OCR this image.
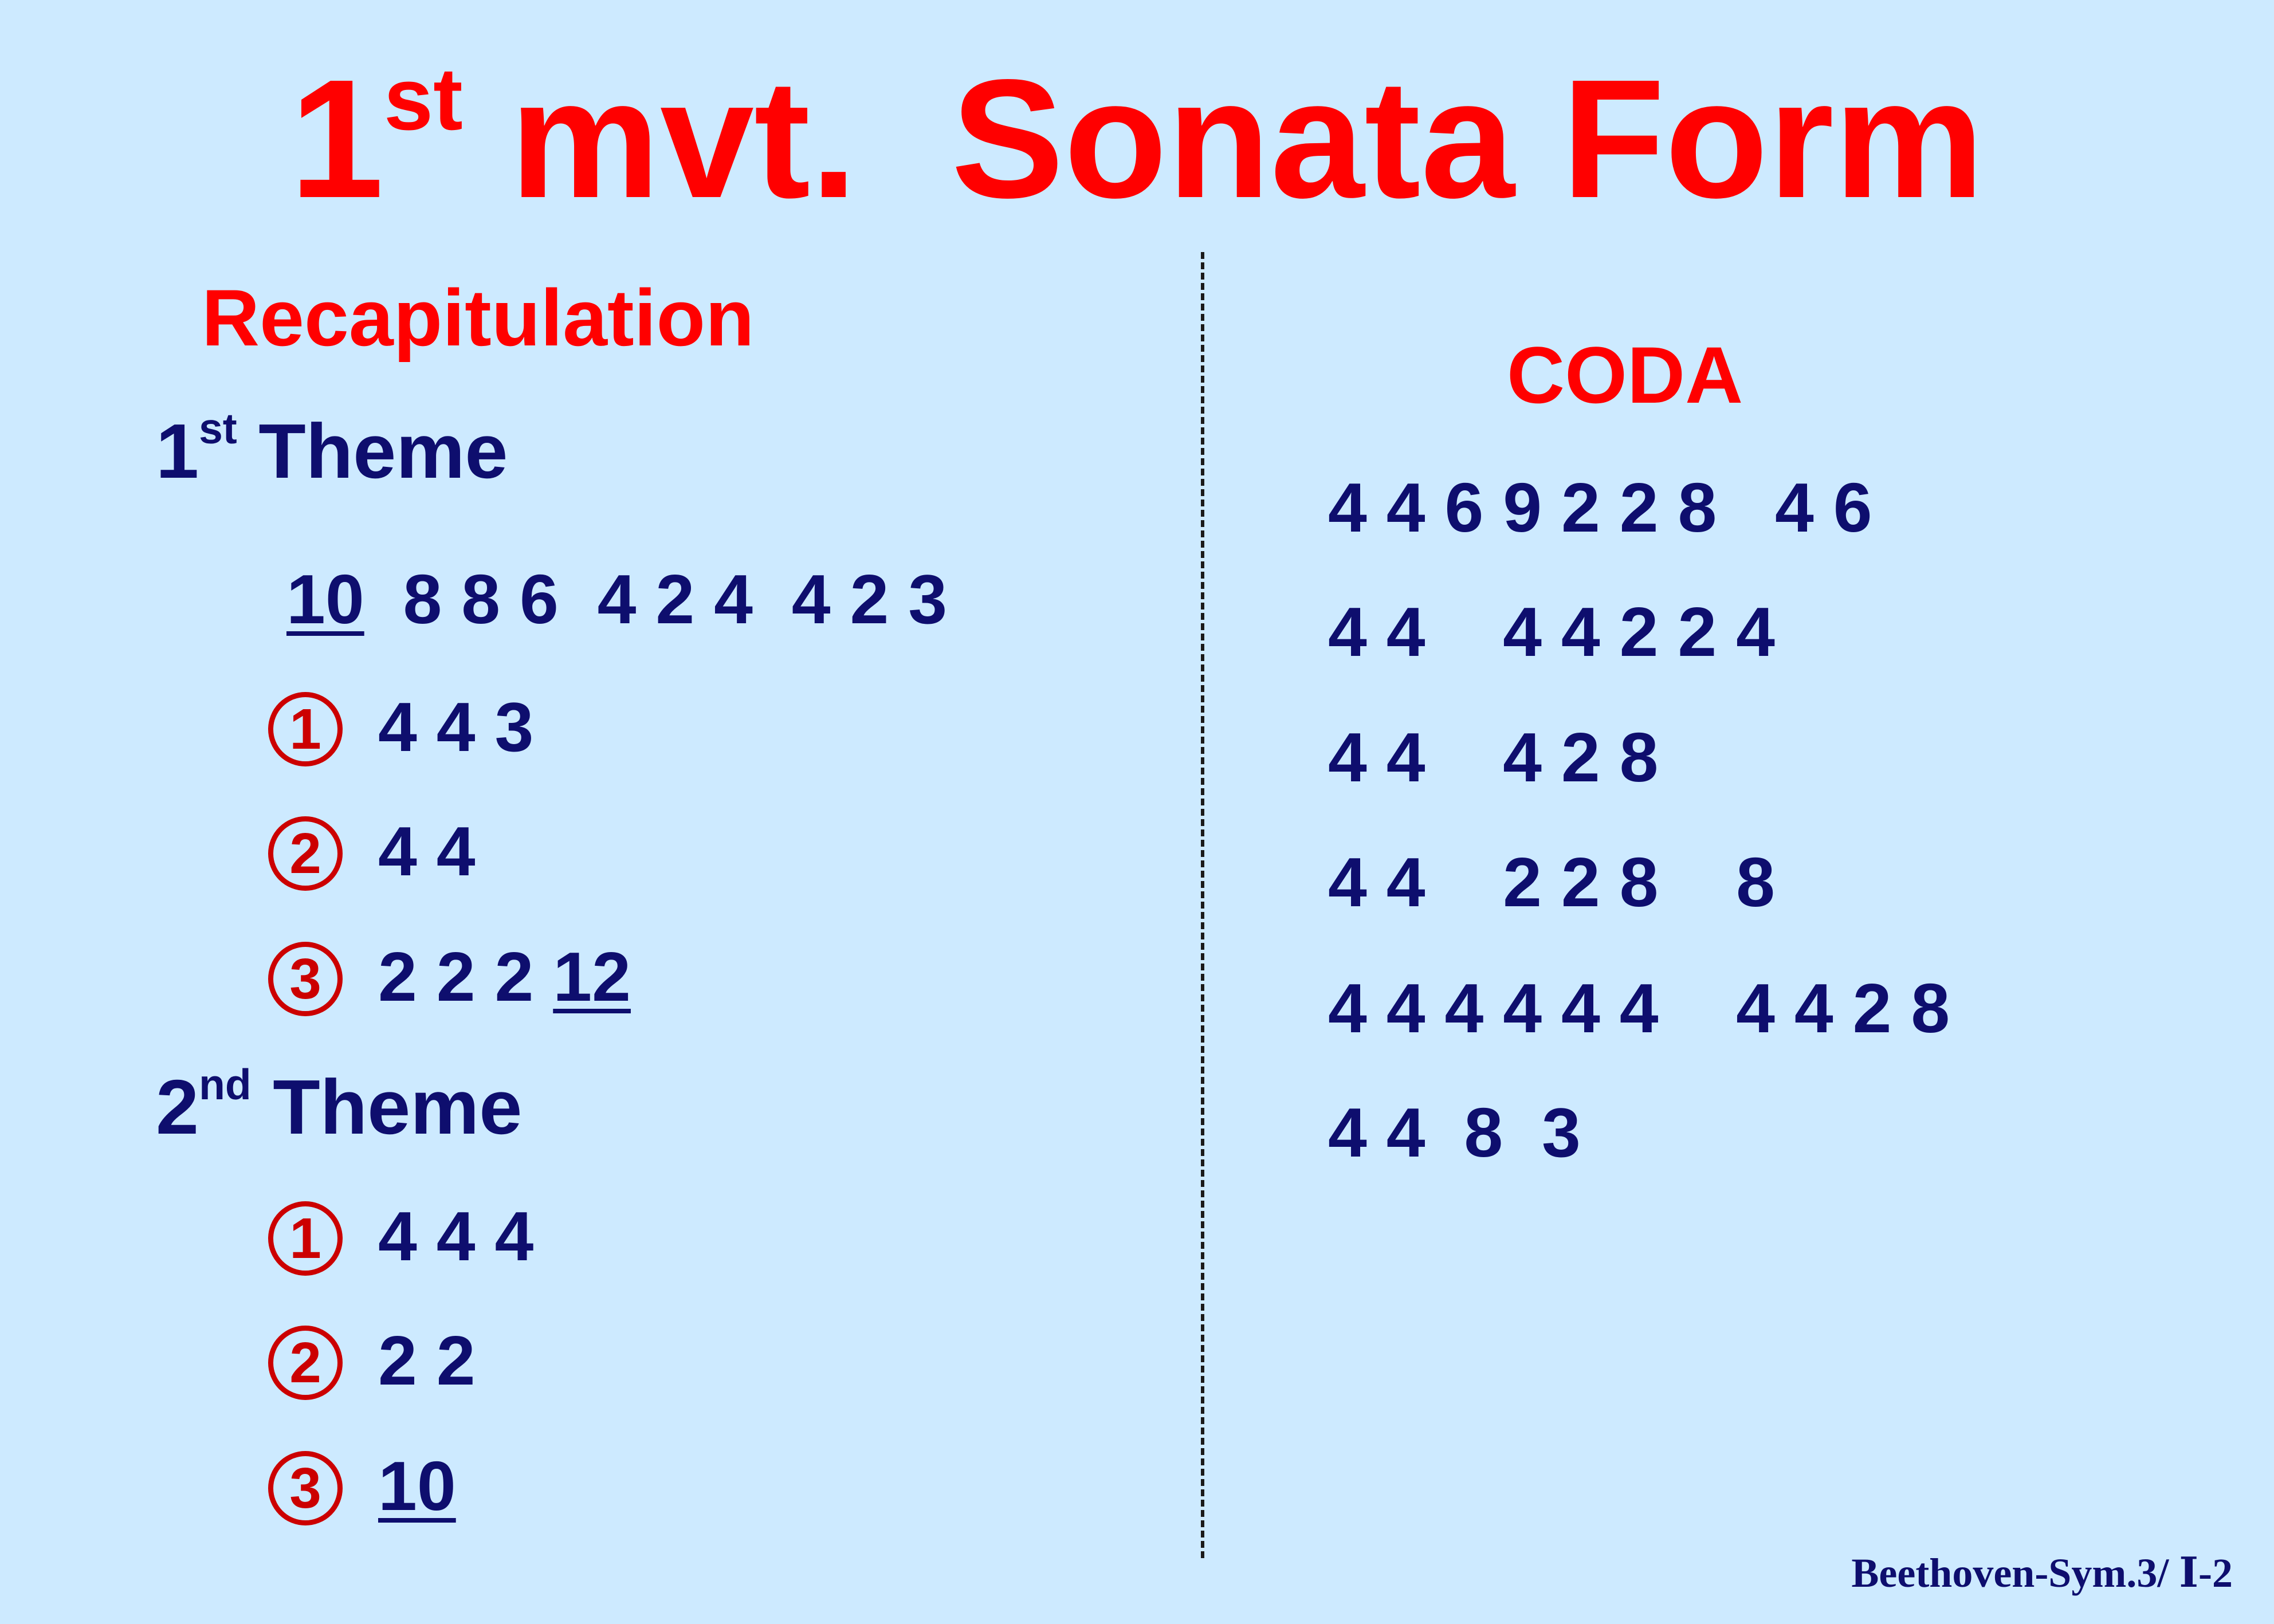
1st mvt.  Sonata Form
Recapitulation
1st Theme
10  8 8 6  4 2 4  4 2 3
1 4 4 3
2 4 4
3 2 2 2 12
2nd Theme
1 4 4 4
2 2 2
3 10
CODA
4 4 6 9 2 2 8   4 6
4 4    4 4 2 2 4
4 4    4 2 8
4 4    2 2 8    8
4 4 4 4 4 4    4 4 2 8
4 4  8  3
Beethoven-Sym.3/ Ⅰ-2
